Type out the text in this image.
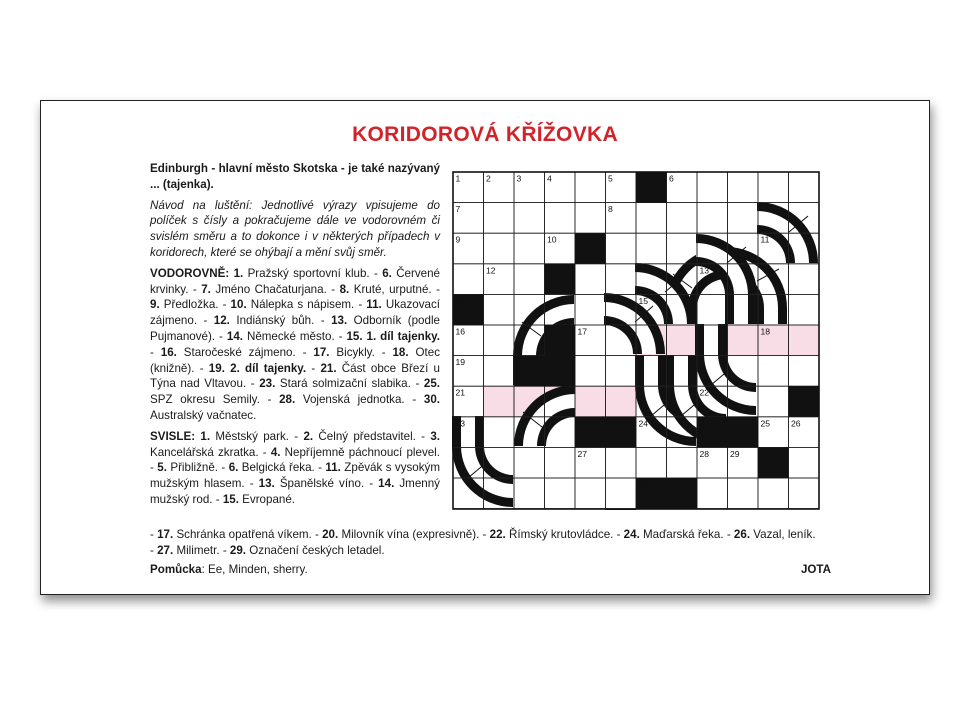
KORIDOROVÁ KŘÍŽOVKA

Edinburgh - hlavní město Skotska - je také nazývaný ... (tajenka).

Návod na luštění: Jednotlivé výrazy vpisujeme do políček s čísly a pokračujeme dále ve vodorovném či svislém směru a to dokonce i v některých případech v koridorech, které se ohýbají a mění svůj směr.

VODOROVNĚ: 1. Pražský sportovní klub. - 6. Červené krvinky. - 7. Jméno Chačaturjana. - 8. Kruté, urputné. - 9. Předložka. - 10. Nálepka s nápisem. - 11. Ukazovací zájmeno. - 12. Indiánský bůh. - 13. Odborník (podle Pujmanové). - 14. Německé město. - 15. 1. díl tajenky. - 16. Staročeské zájmeno. - 17. Bicykly. - 18. Otec (knižně). - 19. 2. díl tajenky. - 21. Část obce Březí u Týna nad Vltavou. - 23. Stará solmizační slabika. - 25. SPZ okresu Semily. - 28. Vojenská jednotka. - 30. Australský vačnatec.

SVISLE: 1. Městský park. - 2. Čelný představitel. - 3. Kancelářská zkratka. - 4. Nepříjemně páchnoucí plevel. - 5. Přibližně. - 6. Belgická řeka. - 11. Zpěvák s vysokým mužským hlasem. - 13. Španělské víno. - 14. Jmenný mužský rod. - 15. Evropané.

- 17. Schránka opatřená víkem. - 20. Milovník vína (expresivně). - 22. Římský krutovládce. - 24. Maďarská řeka. - 26. Vazal, leník. - 27. Milimetr. - 29. Označení českých letadel.

Pomůcka: Ee, Minden, sherry.	JOTA
1	2	3	4	5	6
7	8
9	10	11
12	13
14	15
16	17	18
19	20
21	22
23	24	25 26
27	28 29
30
